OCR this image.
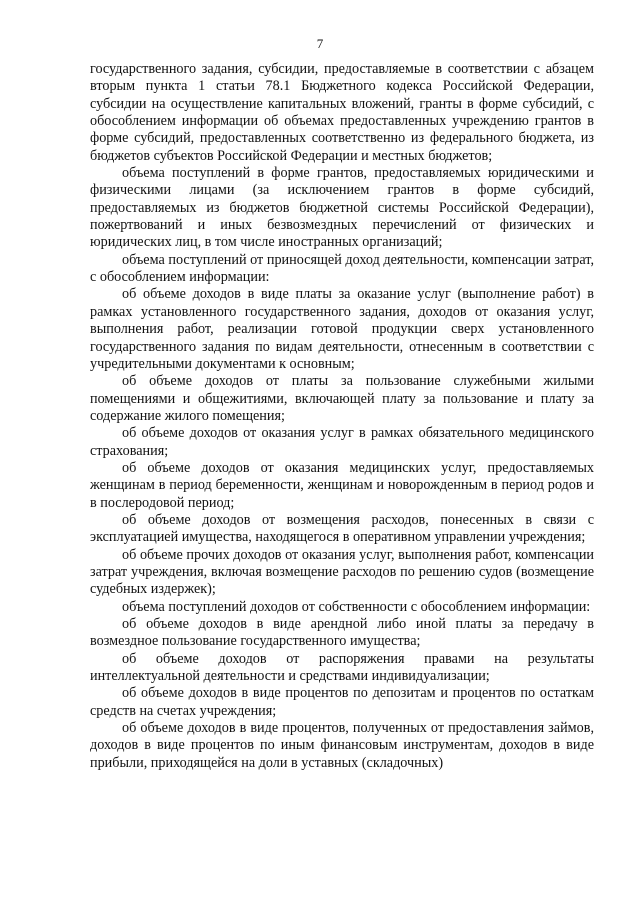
7

государственного задания, субсидии, предоставляемые в соответствии с абзацем вторым пункта 1 статьи 78.1 Бюджетного кодекса Российской Федерации, субсидии на осуществление капитальных вложений, гранты в форме субсидий, с обособлением информации об объемах предоставленных учреждению грантов в форме субсидий, предоставленных соответственно из федерального бюджета, из бюджетов субъектов Российской Федерации и местных бюджетов;

объема поступлений в форме грантов, предоставляемых юридическими и физическими лицами (за исключением грантов в форме субсидий, предоставляемых из бюджетов бюджетной системы Российской Федерации), пожертвований и иных безвозмездных перечислений от физических и юридических лиц, в том числе иностранных организаций;

объема поступлений от приносящей доход деятельности, компенсации затрат, с обособлением информации:

об объеме доходов в виде платы за оказание услуг (выполнение работ) в рамках установленного государственного задания, доходов от оказания услуг, выполнения работ, реализации готовой продукции сверх установленного государственного задания по видам деятельности, отнесенным в соответствии с учредительными документами к основным;

об объеме доходов от платы за пользование служебными жилыми помещениями и общежитиями, включающей плату за пользование и плату за содержание жилого помещения;

об объеме доходов от оказания услуг в рамках обязательного медицинского страхования;

об объеме доходов от оказания медицинских услуг, предоставляемых женщинам в период беременности, женщинам и новорожденным в период родов и в послеродовой период;

об объеме доходов от возмещения расходов, понесенных в связи с эксплуатацией имущества, находящегося в оперативном управлении учреждения;

об объеме прочих доходов от оказания услуг, выполнения работ, компенсации затрат учреждения, включая возмещение расходов по решению судов (возмещение судебных издержек);

объема поступлений доходов от собственности с обособлением информации:

об объеме доходов в виде арендной либо иной платы за передачу в возмездное пользование государственного имущества;

об объеме доходов от распоряжения правами на результаты интеллектуальной деятельности и средствами индивидуализации;

об объеме доходов в виде процентов по депозитам и процентов по остаткам средств на счетах учреждения;

об объеме доходов в виде процентов, полученных от предоставления займов, доходов в виде процентов по иным финансовым инструментам, доходов в виде прибыли, приходящейся на доли в уставных (складочных)
